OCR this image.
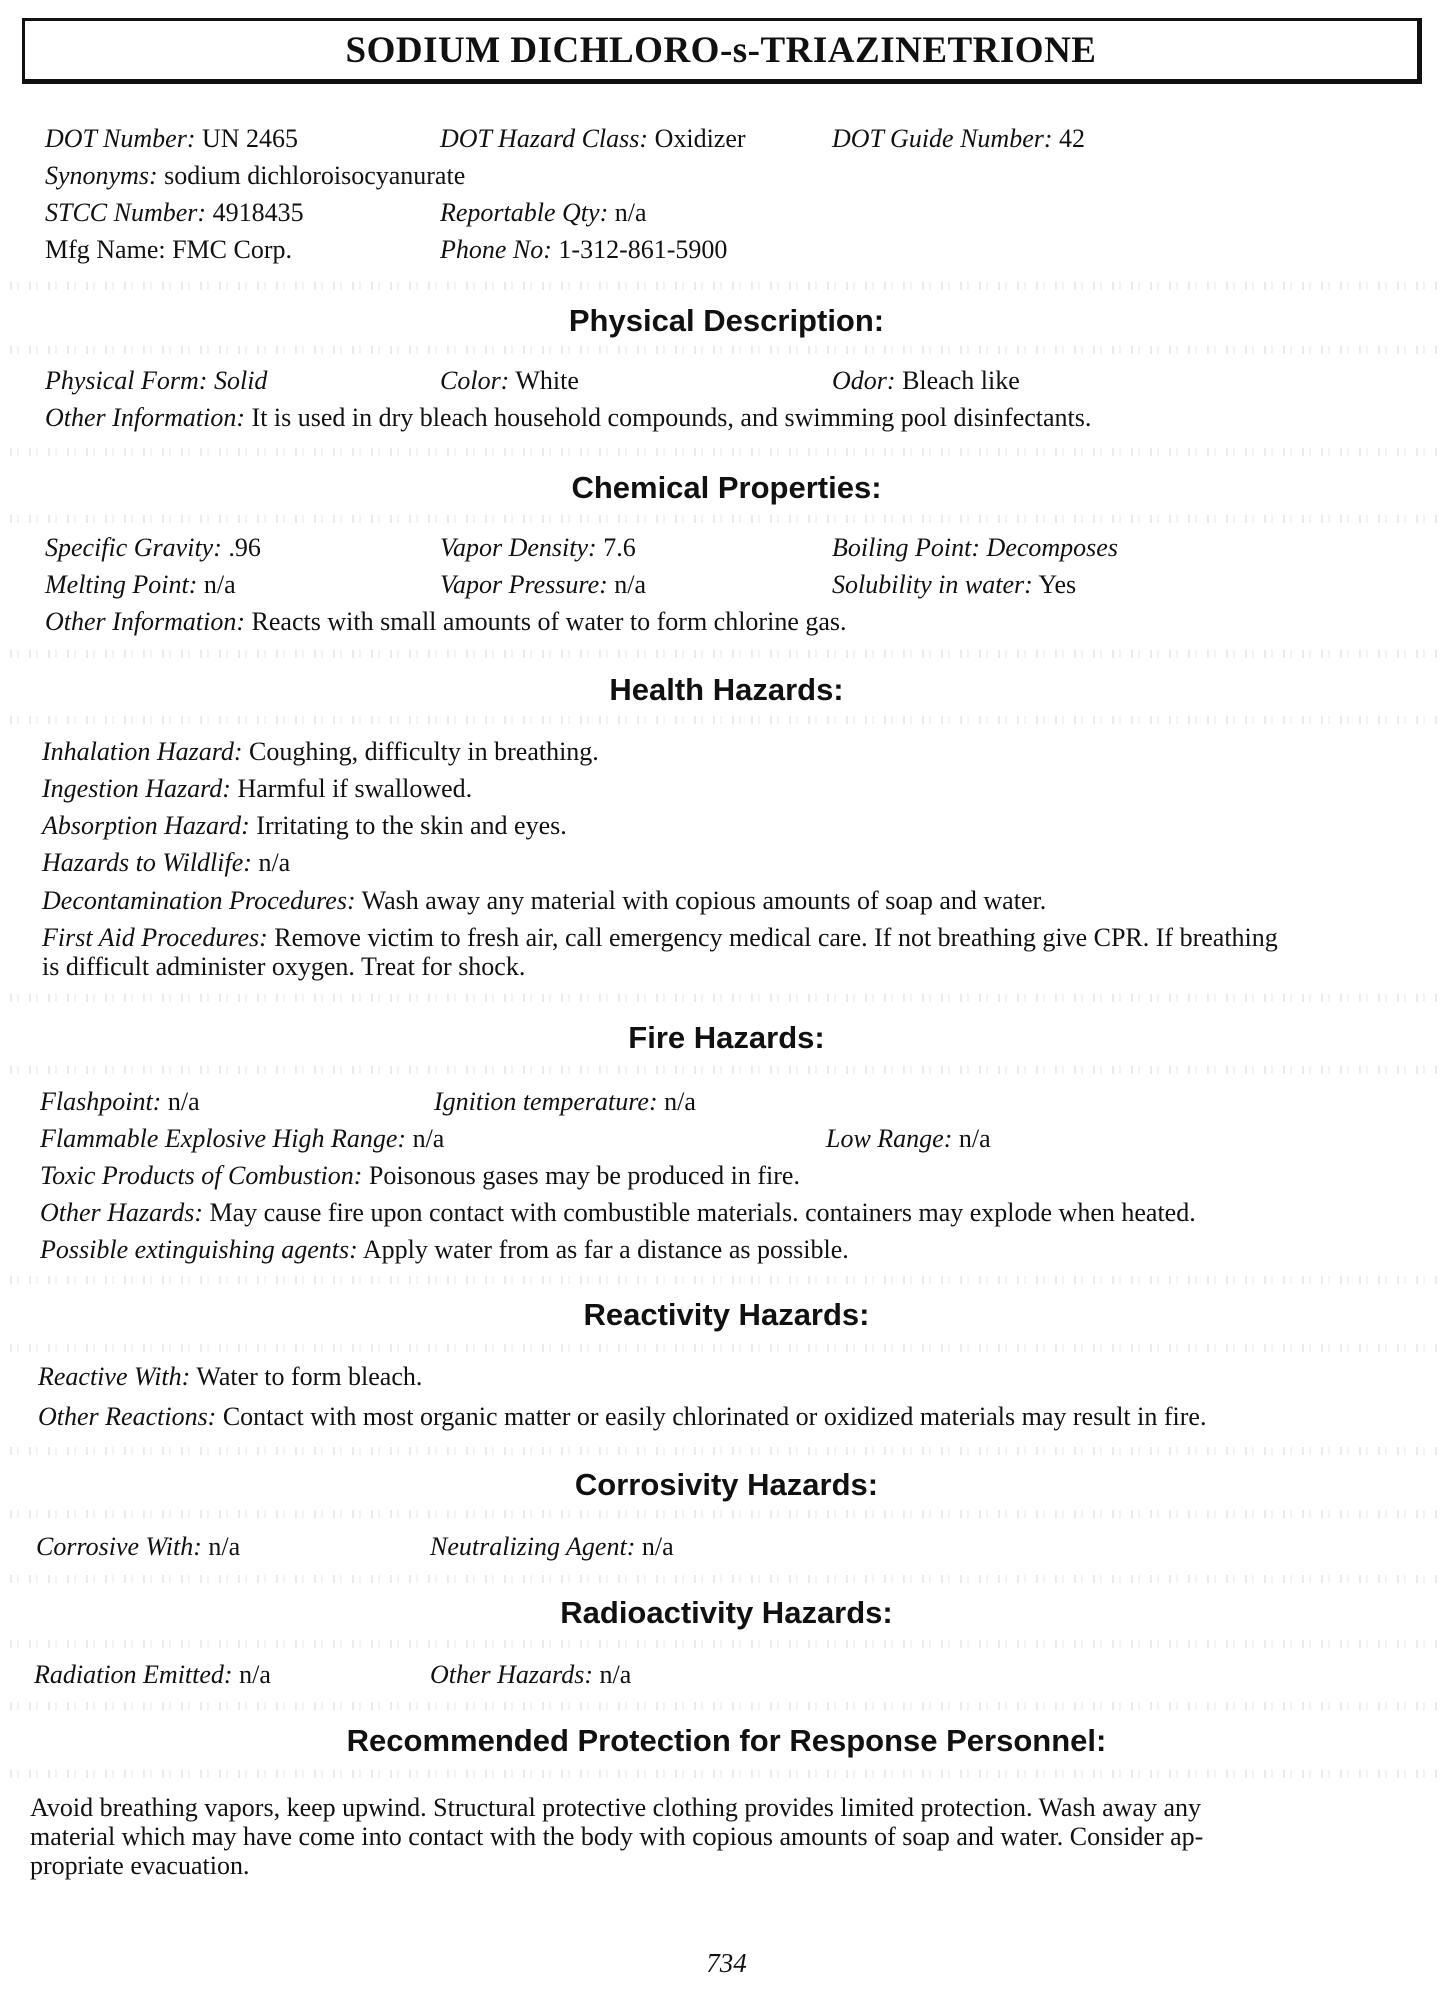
SODIUM DICHLORO-s-TRIAZINETRIONE
DOT Number: UN 2465	DOT Hazard Class: Oxidizer	DOT Guide Number: 42
Synonyms: sodium dichloroisocyanurate
STCC Number: 4918435	Reportable Qty: n/a
Mfg Name: FMC Corp.	Phone No: 1-312-861-5900
Physical Description:
Physical Form: Solid	Color: White	Odor: Bleach like
Other Information: It is used in dry bleach household compounds, and swimming pool disinfectants.
Chemical Properties:
Specific Gravity: .96	Vapor Density: 7.6	Boiling Point: Decomposes
Melting Point: n/a	Vapor Pressure: n/a	Solubility in water: Yes
Other Information: Reacts with small amounts of water to form chlorine gas.
Health Hazards:
Inhalation Hazard: Coughing, difficulty in breathing.
Ingestion Hazard: Harmful if swallowed.
Absorption Hazard: Irritating to the skin and eyes.
Hazards to Wildlife: n/a
Decontamination Procedures: Wash away any material with copious amounts of soap and water.
First Aid Procedures: Remove victim to fresh air, call emergency medical care. If not breathing give CPR. If breathing
is difficult administer oxygen. Treat for shock.
Fire Hazards:
Flashpoint: n/a	Ignition temperature: n/a
Flammable Explosive High Range: n/a	Low Range: n/a
Toxic Products of Combustion: Poisonous gases may be produced in fire.
Other Hazards: May cause fire upon contact with combustible materials. containers may explode when heated.
Possible extinguishing agents: Apply water from as far a distance as possible.
Reactivity Hazards:
Reactive With: Water to form bleach.
Other Reactions: Contact with most organic matter or easily chlorinated or oxidized materials may result in fire.
Corrosivity Hazards:
Corrosive With: n/a	Neutralizing Agent: n/a
Radioactivity Hazards:
Radiation Emitted: n/a	Other Hazards: n/a
Recommended Protection for Response Personnel:
Avoid breathing vapors, keep upwind. Structural protective clothing provides limited protection. Wash away any
material which may have come into contact with the body with copious amounts of soap and water. Consider ap-
propriate evacuation.
734
